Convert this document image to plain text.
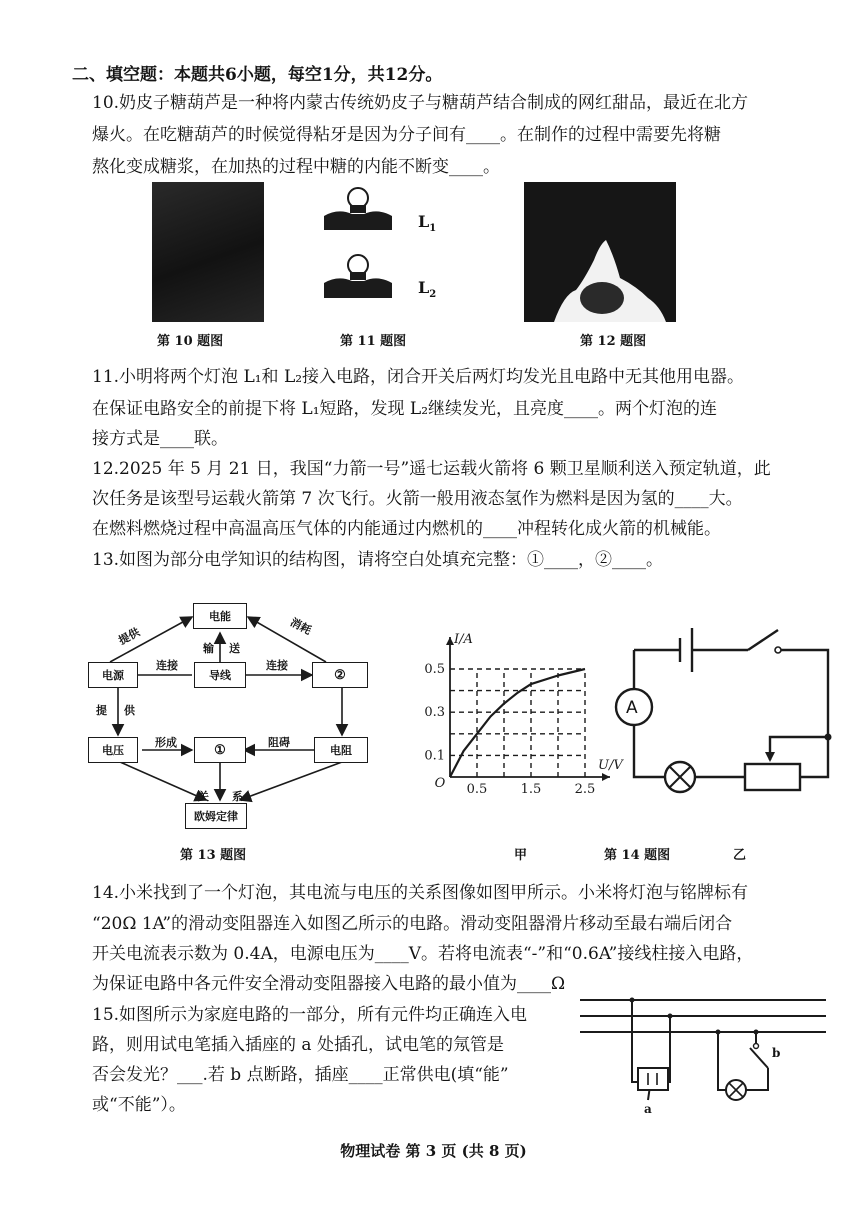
二、填空题：本题共6小题，每空1分，共12分。
10.奶皮子糖葫芦是一种将内蒙古传统奶皮子与糖葫芦结合制成的网红甜品，最近在北方
爆火。在吃糖葫芦的时候觉得粘牙是因为分子间有____。在制作的过程中需要先将糖
熬化变成糖浆，在加热的过程中糖的内能不断变____。
第 10 题图
$L_1$
$L_2$
第 11 题图	第 12 题图
11.小明将两个灯泡 L₁和 L₂接入电路，闭合开关后两灯均发光且电路中无其他用电器。
在保证电路安全的前提下将 L₁短路，发现 L₂继续发光，且亮度____。两个灯泡的连
接方式是____联。
12.2025 年 5 月 21 日，我国“力箭一号”遥七运载火箭将 6 颗卫星顺利送入预定轨道，此
次任务是该型号运载火箭第 7 次飞行。火箭一般用液态氢作为燃料是因为氢的____大。
在燃料燃烧过程中高温高压气体的内能通过内燃机的____冲程转化成火箭的机械能。
13.如图为部分电学知识的结构图，请将空白处填充完整：①____，②____。
电能
电源	导线	②
电压	①	电阻
欧姆定律
提供	消耗
输 送
连接	连接
提 供
形成	阻碍
关 系
第 13 题图
0.1
0.3
0.5
0.5	1.5	2.5
O
I/A
U/V
A
甲	第 14 题图	乙
14.小米找到了一个灯泡，其电流与电压的关系图像如图甲所示。小米将灯泡与铭牌标有
“20Ω 1A”的滑动变阻器连入如图乙所示的电路。滑动变阻器滑片移动至最右端后闭合
开关电流表示数为 0.4A，电源电压为____V。若将电流表“-”和“0.6A”接线柱接入电路，
为保证电路中各元件安全滑动变阻器接入电路的最小值为____Ω
15.如图所示为家庭电路的一部分，所有元件均正确连入电
路，则用试电笔插入插座的 a 处插孔，试电笔的氖管是
否会发光？___.若 b 点断路，插座____正常供电(填“能”
或“不能”）。	a
b
物理试卷 第 3 页 (共 8 页)
